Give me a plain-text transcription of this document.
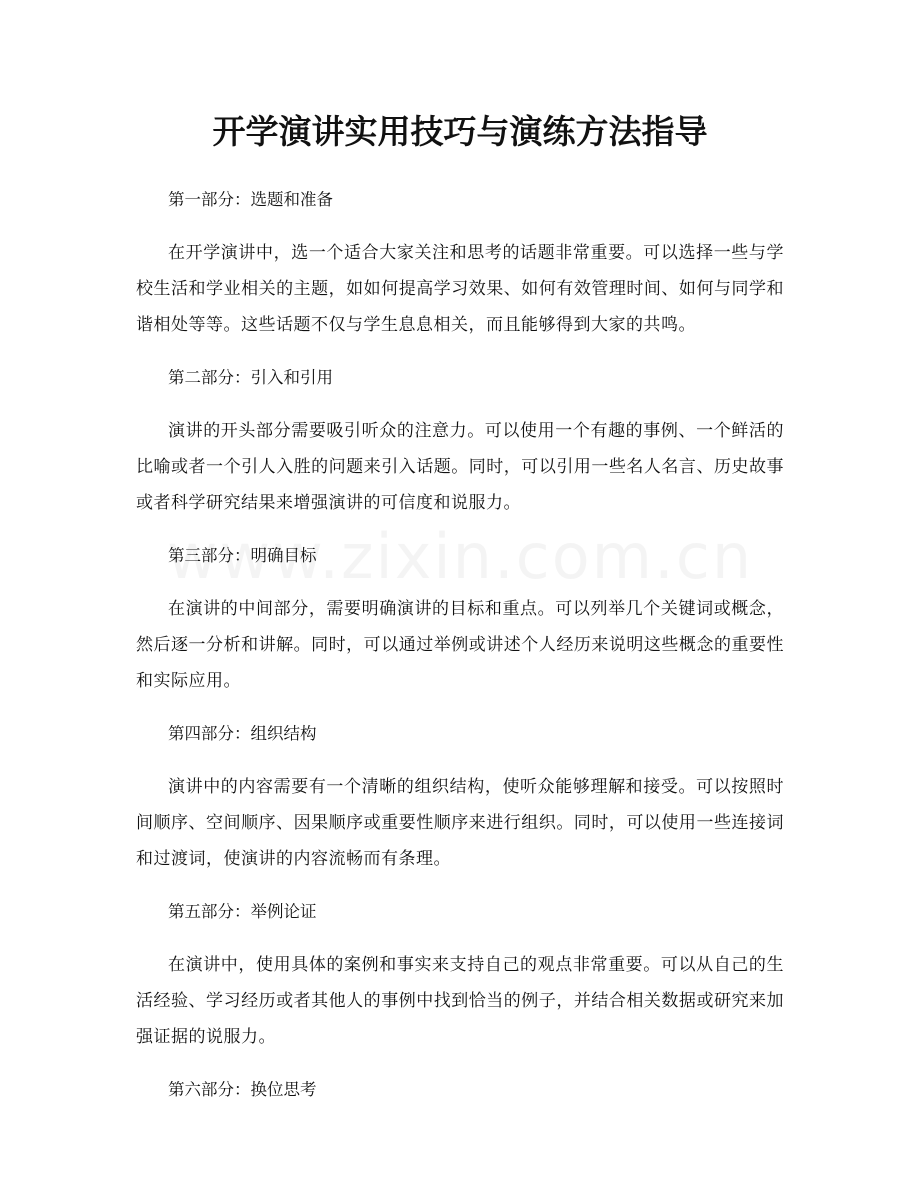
开学演讲实用技巧与演练方法指导

第一部分：选题和准备

在开学演讲中，选一个适合大家关注和思考的话题非常重要。可以选择一些与学校生活和学业相关的主题，如如何提高学习效果、如何有效管理时间、如何与同学和谐相处等等。这些话题不仅与学生息息相关，而且能够得到大家的共鸣。

第二部分：引入和引用

演讲的开头部分需要吸引听众的注意力。可以使用一个有趣的事例、一个鲜活的比喻或者一个引人入胜的问题来引入话题。同时，可以引用一些名人名言、历史故事或者科学研究结果来增强演讲的可信度和说服力。

第三部分：明确目标

在演讲的中间部分，需要明确演讲的目标和重点。可以列举几个关键词或概念，然后逐一分析和讲解。同时，可以通过举例或讲述个人经历来说明这些概念的重要性和实际应用。

第四部分：组织结构

演讲中的内容需要有一个清晰的组织结构，使听众能够理解和接受。可以按照时间顺序、空间顺序、因果顺序或重要性顺序来进行组织。同时，可以使用一些连接词和过渡词，使演讲的内容流畅而有条理。

第五部分：举例论证

在演讲中，使用具体的案例和事实来支持自己的观点非常重要。可以从自己的生活经验、学习经历或者其他人的事例中找到恰当的例子，并结合相关数据或研究来加强证据的说服力。

第六部分：换位思考
